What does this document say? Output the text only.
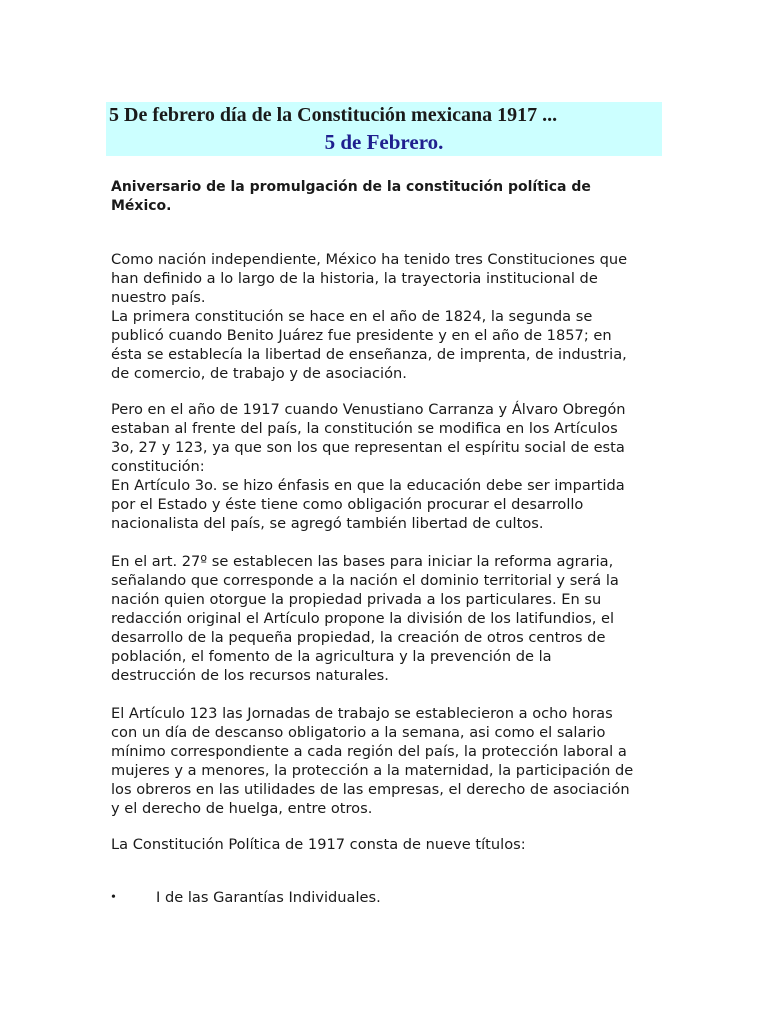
5 De febrero día de la Constitución mexicana 1917 ...
5 de Febrero.
Aniversario de la promulgación de la constitución política de
México.

Como nación independiente, México ha tenido tres Constituciones que

han definido a lo largo de la historia, la trayectoria institucional de

nuestro país.

La primera constitución se hace en el año de 1824, la segunda se

publicó cuando Benito Juárez fue presidente y en el año de 1857; en

ésta se establecía la libertad de enseñanza, de imprenta, de industria,

de comercio, de trabajo y de asociación.

Pero en el año de 1917 cuando Venustiano Carranza y Álvaro Obregón

estaban al frente del país, la constitución se modifica en los Artículos

3o, 27 y 123, ya que son los que representan el espíritu social de esta

constitución:

En Artículo 3o. se hizo énfasis en que la educación debe ser impartida

por el Estado y éste tiene como obligación procurar el desarrollo

nacionalista del país, se agregó también libertad de cultos.

En el art. 27º se establecen las bases para iniciar la reforma agraria,

señalando que corresponde a la nación el dominio territorial y será la

nación quien otorgue la propiedad privada a los particulares. En su

redacción original el Artículo propone la división de los latifundios, el

desarrollo de la pequeña propiedad, la creación de otros centros de

población, el fomento de la agricultura y la prevención de la

destrucción de los recursos naturales.

El Artículo 123 las Jornadas de trabajo se establecieron a ocho horas

con un día de descanso obligatorio a la semana, asi como el salario

mínimo correspondiente a cada región del país, la protección laboral a

mujeres y a menores, la protección a la maternidad, la participación de

los obreros en las utilidades de las empresas, el derecho de asociación

y el derecho de huelga, entre otros.

La Constitución Política de 1917 consta de nueve títulos:

•	I de las Garantías Individuales.
